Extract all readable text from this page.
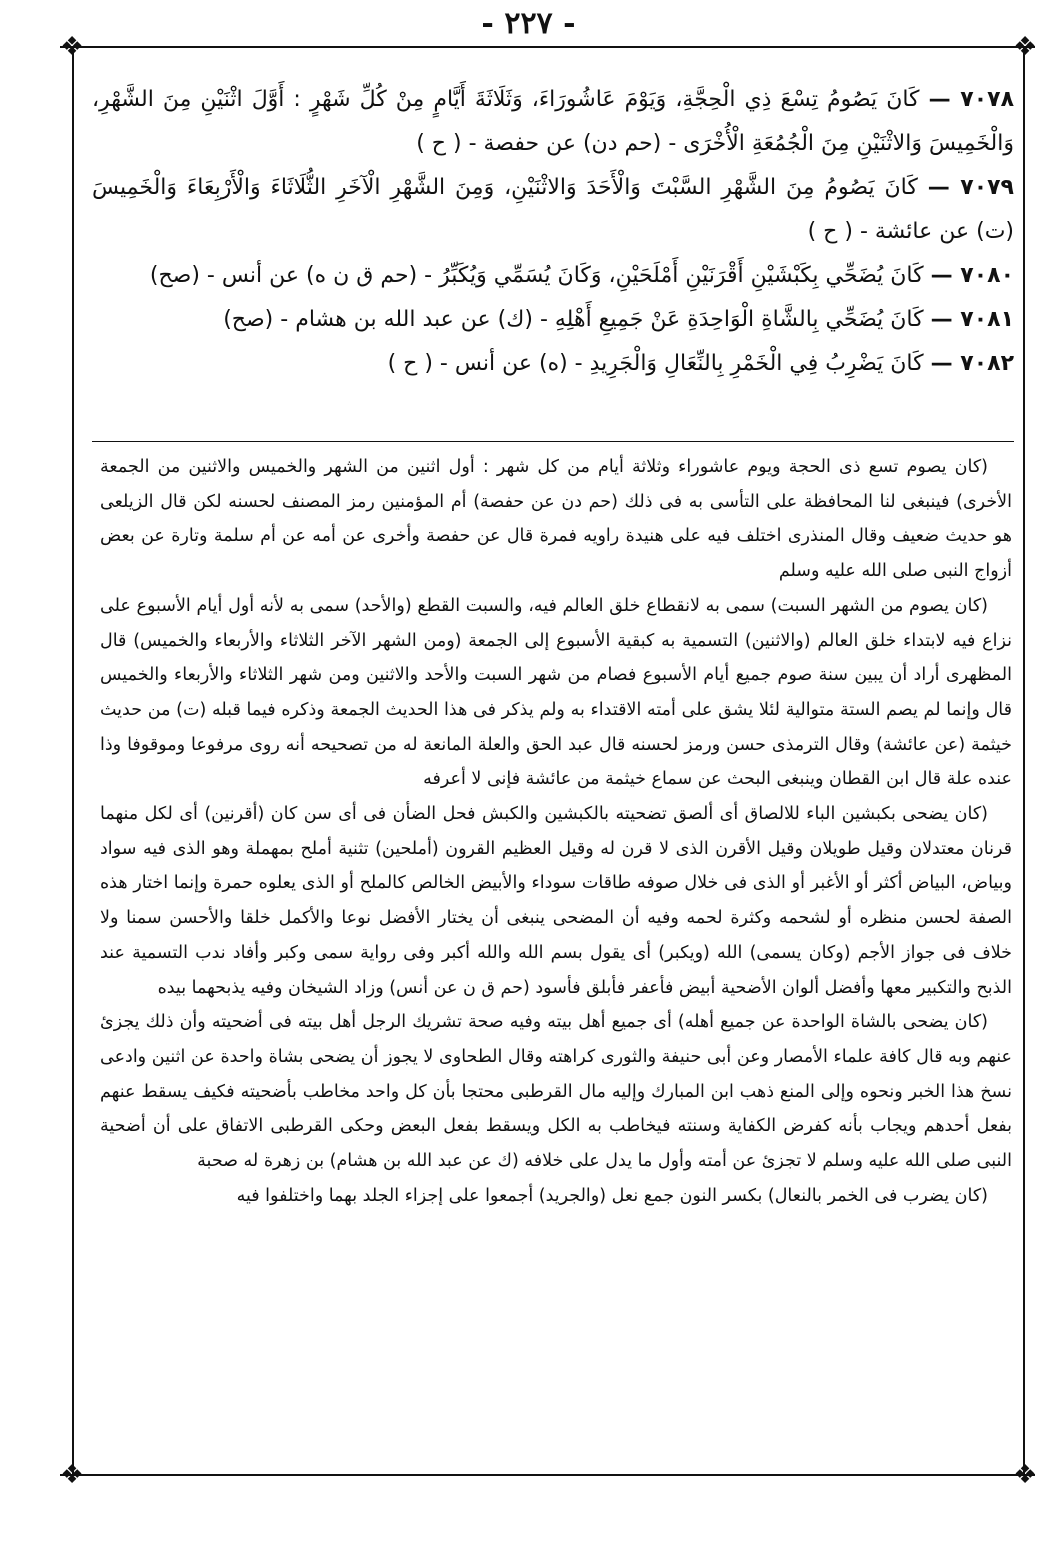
- ٢٢٧ -
❖	❖
❖	❖
٧٠٧٨ — كَانَ يَصُومُ تِسْعَ ذِي الْحِجَّةِ، وَيَوْمَ عَاشُورَاءَ، وَثَلَاثَةَ أَيَّامٍ مِنْ كُلِّ شَهْرٍ : أَوَّلَ اثْنَيْنِ مِنَ الشَّهْرِ، وَالْخَمِيسَ وَالاثْنَيْنِ مِنَ الْجُمُعَةِ الْأُخْرَى - (حم دن) عن حفصة - ( ح )
٧٠٧٩ — كَانَ يَصُومُ مِنَ الشَّهْرِ السَّبْتَ وَالْأَحَدَ وَالاثْنَيْنِ، وَمِنَ الشَّهْرِ الْآخَرِ الثُّلَاثَاءَ وَالْأَرْبِعَاءَ وَالْخَمِيسَ (ت) عن عائشة - ( ح )
٧٠٨٠ — كَانَ يُضَحِّي بِكَبْشَيْنِ أَقْرَنَيْنِ أَمْلَحَيْنِ، وَكَانَ يُسَمِّي وَيُكَبِّرُ - (حم ق ن ه) عن أنس - (صح)
٧٠٨١ — كَانَ يُضَحِّي بِالشَّاةِ الْوَاحِدَةِ عَنْ جَمِيعِ أَهْلِهِ - (ك) عن عبد الله بن هشام - (صح)
٧٠٨٢ — كَانَ يَضْرِبُ فِي الْخَمْرِ بِالنِّعَالِ وَالْجَرِيدِ - (ه) عن أنس - ( ح )

(كان يصوم تسع ذى الحجة ويوم عاشوراء وثلاثة أيام من كل شهر : أول اثنين من الشهر والخميس والاثنين من الجمعة الأخرى) فينبغى لنا المحافظة على التأسى به فى ذلك (حم دن عن حفصة) أم المؤمنين رمز المصنف لحسنه لكن قال الزيلعى هو حديث ضعيف وقال المنذرى اختلف فيه على هنيدة راويه فمرة قال عن حفصة وأخرى عن أمه عن أم سلمة وتارة عن بعض أزواج النبى صلى الله عليه وسلم

(كان يصوم من الشهر السبت) سمى به لانقطاع خلق العالم فيه، والسبت القطع (والأحد) سمى به لأنه أول أيام الأسبوع على نزاع فيه لابتداء خلق العالم (والاثنين) التسمية به كبقية الأسبوع إلى الجمعة (ومن الشهر الآخر الثلاثاء والأربعاء والخميس) قال المظهرى أراد أن يبين سنة صوم جميع أيام الأسبوع فصام من شهر السبت والأحد والاثنين ومن شهر الثلاثاء والأربعاء والخميس قال وإنما لم يصم الستة متوالية لئلا يشق على أمته الاقتداء به ولم يذكر فى هذا الحديث الجمعة وذكره فيما قبله (ت) من حديث خيثمة (عن عائشة) وقال الترمذى حسن ورمز لحسنه قال عبد الحق والعلة المانعة له من تصحيحه أنه روى مرفوعا وموقوفا وذا عنده علة قال ابن القطان وينبغى البحث عن سماع خيثمة من عائشة فإنى لا أعرفه

(كان يضحى بكبشين الباء للالصاق أى ألصق تضحيته بالكبشين والكبش فحل الضأن فى أى سن كان (أقرنين) أى لكل منهما قرنان معتدلان وقيل طويلان وقيل الأقرن الذى لا قرن له وقيل العظيم القرون (أملحين) تثنية أملح بمهملة وهو الذى فيه سواد وبياض، البياض أكثر أو الأغبر أو الذى فى خلال صوفه طاقات سوداء والأبيض الخالص كالملح أو الذى يعلوه حمرة وإنما اختار هذه الصفة لحسن منظره أو لشحمه وكثرة لحمه وفيه أن المضحى ينبغى أن يختار الأفضل نوعا والأكمل خلقا والأحسن سمنا ولا خلاف فى جواز الأجم (وكان يسمى) الله (ويكبر) أى يقول بسم الله والله أكبر وفى رواية سمى وكبر وأفاد ندب التسمية عند الذبح والتكبير معها وأفضل ألوان الأضحية أبيض فأعفر فأبلق فأسود (حم ق ن عن أنس) وزاد الشيخان وفيه يذبحهما بيده

(كان يضحى بالشاة الواحدة عن جميع أهله) أى جميع أهل بيته وفيه صحة تشريك الرجل أهل بيته فى أضحيته وأن ذلك يجزئ عنهم وبه قال كافة علماء الأمصار وعن أبى حنيفة والثورى كراهته وقال الطحاوى لا يجوز أن يضحى بشاة واحدة عن اثنين وادعى نسخ هذا الخبر ونحوه وإلى المنع ذهب ابن المبارك وإليه مال القرطبى محتجا بأن كل واحد مخاطب بأضحيته فكيف يسقط عنهم بفعل أحدهم ويجاب بأنه كفرض الكفاية وسنته فيخاطب به الكل ويسقط بفعل البعض وحكى القرطبى الاتفاق على أن أضحية النبى صلى الله عليه وسلم لا تجزئ عن أمته وأول ما يدل على خلافه (ك عن عبد الله بن هشام) بن زهرة له صحبة

(كان يضرب فى الخمر بالنعال) بكسر النون جمع نعل (والجريد) أجمعوا على إجزاء الجلد بهما واختلفوا فيه
